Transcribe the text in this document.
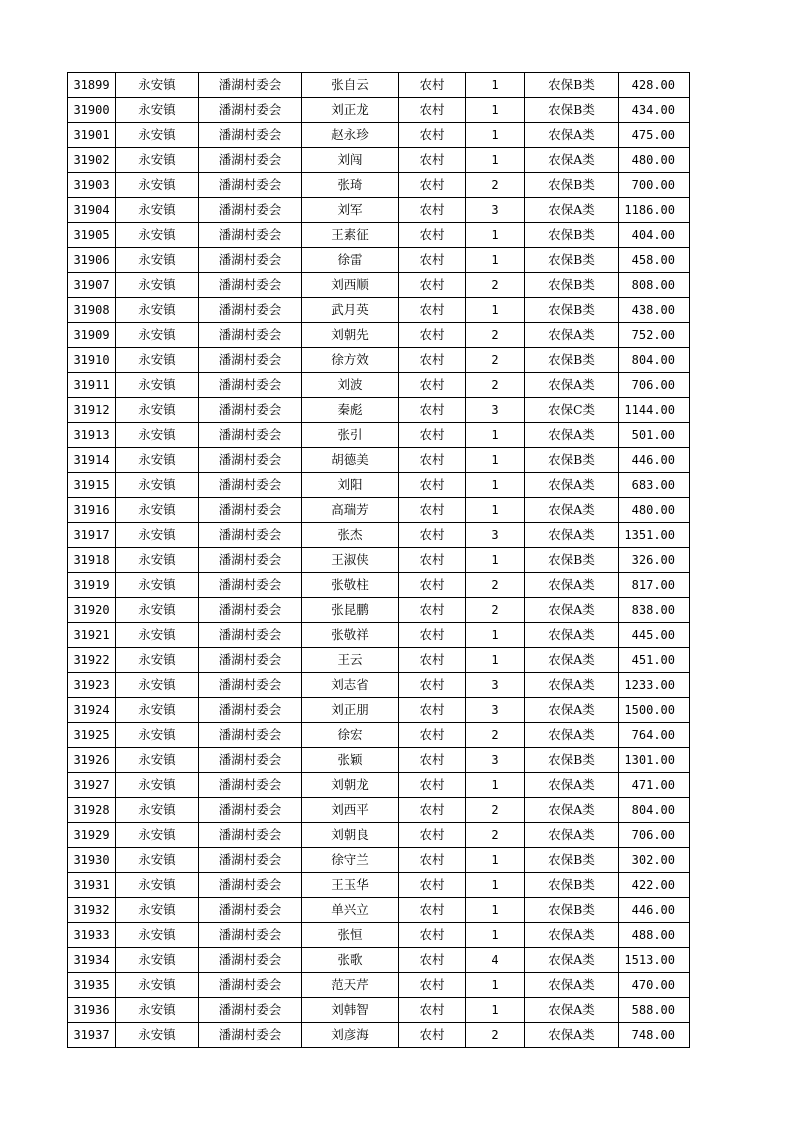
31899	永安镇	潘湖村委会	张自云	农村	1	农保B类	428.00
31900	永安镇	潘湖村委会	刘正龙	农村	1	农保B类	434.00
31901	永安镇	潘湖村委会	赵永珍	农村	1	农保A类	475.00
31902	永安镇	潘湖村委会	刘闯	农村	1	农保A类	480.00
31903	永安镇	潘湖村委会	张琦	农村	2	农保B类	700.00
31904	永安镇	潘湖村委会	刘军	农村	3	农保A类	1186.00
31905	永安镇	潘湖村委会	王素征	农村	1	农保B类	404.00
31906	永安镇	潘湖村委会	徐雷	农村	1	农保B类	458.00
31907	永安镇	潘湖村委会	刘西顺	农村	2	农保B类	808.00
31908	永安镇	潘湖村委会	武月英	农村	1	农保B类	438.00
31909	永安镇	潘湖村委会	刘朝先	农村	2	农保A类	752.00
31910	永安镇	潘湖村委会	徐方效	农村	2	农保B类	804.00
31911	永安镇	潘湖村委会	刘波	农村	2	农保A类	706.00
31912	永安镇	潘湖村委会	秦彪	农村	3	农保C类	1144.00
31913	永安镇	潘湖村委会	张引	农村	1	农保A类	501.00
31914	永安镇	潘湖村委会	胡德美	农村	1	农保B类	446.00
31915	永安镇	潘湖村委会	刘阳	农村	1	农保A类	683.00
31916	永安镇	潘湖村委会	高瑞芳	农村	1	农保A类	480.00
31917	永安镇	潘湖村委会	张杰	农村	3	农保A类	1351.00
31918	永安镇	潘湖村委会	王淑侠	农村	1	农保B类	326.00
31919	永安镇	潘湖村委会	张敬柱	农村	2	农保A类	817.00
31920	永安镇	潘湖村委会	张昆鹏	农村	2	农保A类	838.00
31921	永安镇	潘湖村委会	张敬祥	农村	1	农保A类	445.00
31922	永安镇	潘湖村委会	王云	农村	1	农保A类	451.00
31923	永安镇	潘湖村委会	刘志省	农村	3	农保A类	1233.00
31924	永安镇	潘湖村委会	刘正朋	农村	3	农保A类	1500.00
31925	永安镇	潘湖村委会	徐宏	农村	2	农保A类	764.00
31926	永安镇	潘湖村委会	张颖	农村	3	农保B类	1301.00
31927	永安镇	潘湖村委会	刘朝龙	农村	1	农保A类	471.00
31928	永安镇	潘湖村委会	刘西平	农村	2	农保A类	804.00
31929	永安镇	潘湖村委会	刘朝良	农村	2	农保A类	706.00
31930	永安镇	潘湖村委会	徐守兰	农村	1	农保B类	302.00
31931	永安镇	潘湖村委会	王玉华	农村	1	农保B类	422.00
31932	永安镇	潘湖村委会	单兴立	农村	1	农保B类	446.00
31933	永安镇	潘湖村委会	张恒	农村	1	农保A类	488.00
31934	永安镇	潘湖村委会	张歌	农村	4	农保A类	1513.00
31935	永安镇	潘湖村委会	范天芹	农村	1	农保A类	470.00
31936	永安镇	潘湖村委会	刘韩智	农村	1	农保A类	588.00
31937	永安镇	潘湖村委会	刘彦海	农村	2	农保A类	748.00
